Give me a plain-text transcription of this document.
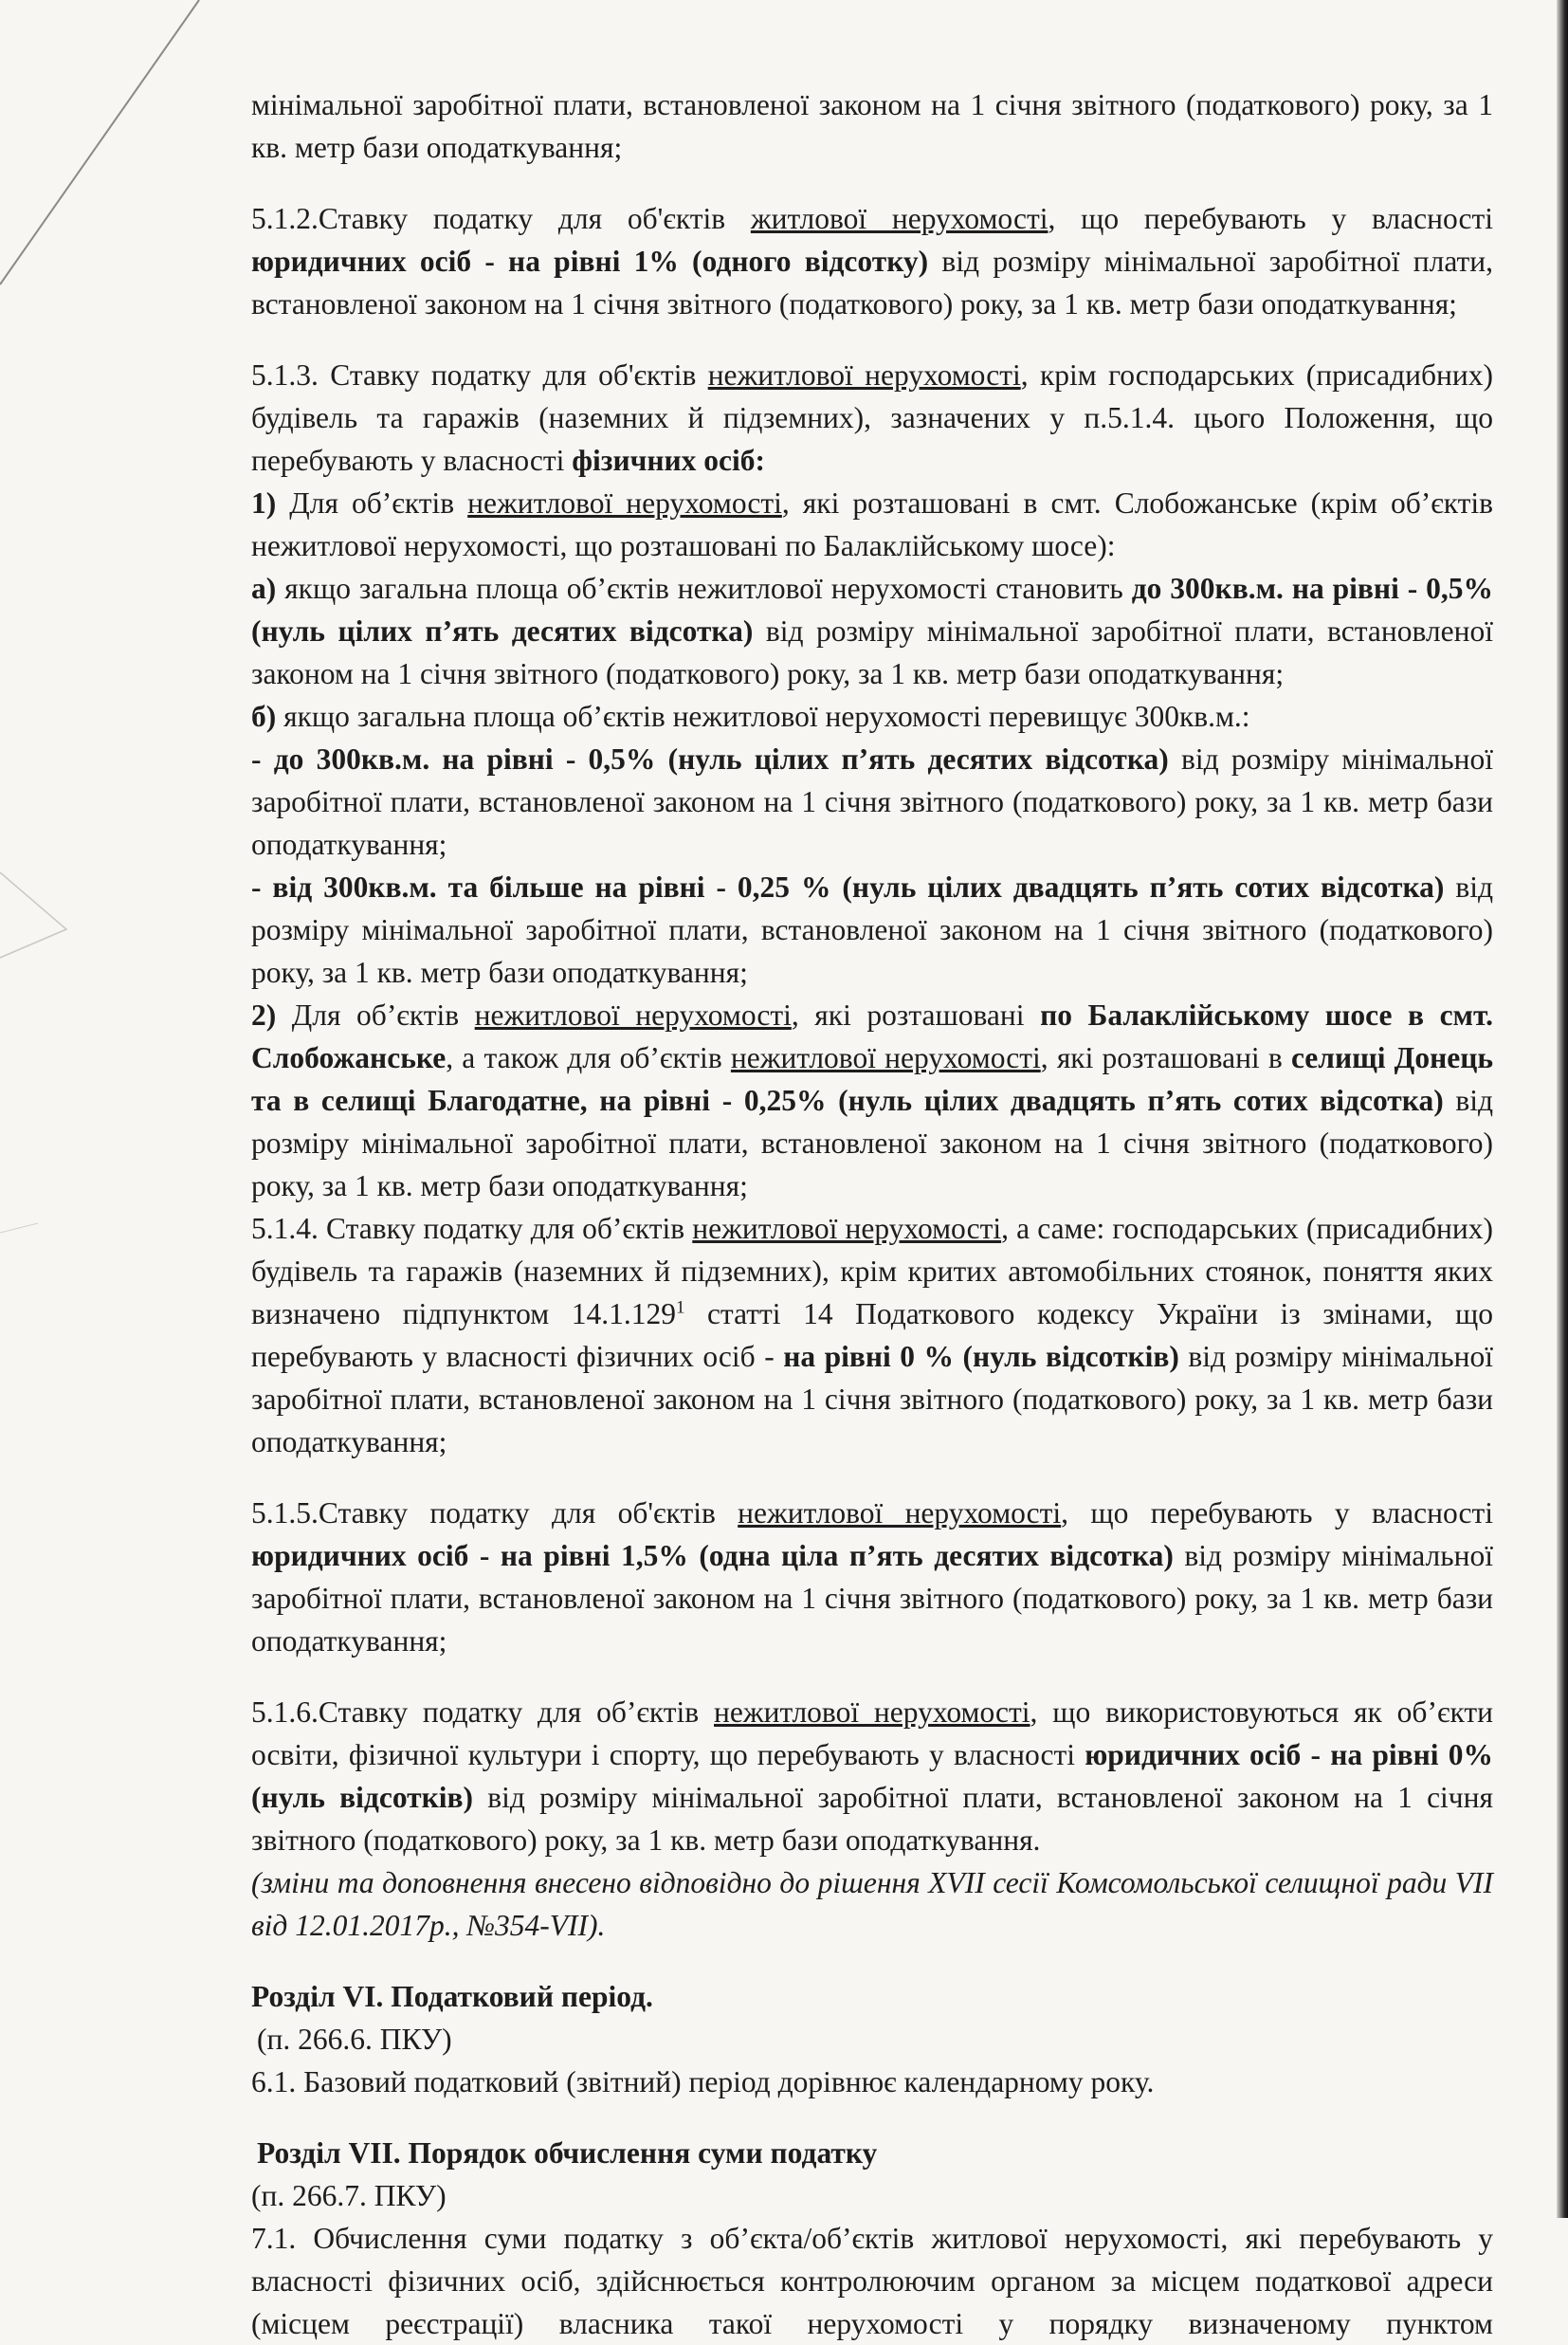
мінімальної заробітної плати, встановленої законом на 1 січня звітного (податкового) року, за 1 кв. метр бази оподаткування;

5.1.2.Ставку податку для об'єктів житлової нерухомості, що перебувають у власності юридичних осіб - на рівні 1% (одного відсотку) від розміру мінімальної заробітної плати, встановленої законом на 1 січня звітного (податкового) року, за 1 кв. метр бази оподаткування;

5.1.3. Ставку податку для об'єктів нежитлової нерухомості, крім господарських (присадибних) будівель та гаражів (наземних й підземних), зазначених у п.5.1.4. цього Положення, що перебувають у власності фізичних осіб:

1) Для об’єктів нежитлової нерухомості, які розташовані в смт. Слобожанське (крім об’єктів нежитлової нерухомості, що розташовані по Балаклійському шосе):

а) якщо загальна площа об’єктів нежитлової нерухомості становить до 300кв.м. на рівні - 0,5% (нуль цілих п’ять десятих відсотка) від розміру мінімальної заробітної плати, встановленої законом на 1 січня звітного (податкового) року, за 1 кв. метр бази оподаткування;

б) якщо загальна площа об’єктів нежитлової нерухомості перевищує 300кв.м.:

- до 300кв.м. на рівні - 0,5% (нуль цілих п’ять десятих відсотка) від розміру мінімальної заробітної плати, встановленої законом на 1 січня звітного (податкового) року, за 1 кв. метр бази оподаткування;

- від 300кв.м. та більше на рівні - 0,25 % (нуль цілих двадцять п’ять сотих відсотка) від розміру мінімальної заробітної плати, встановленої законом на 1 січня звітного (податкового) року, за 1 кв. метр бази оподаткування;

2) Для об’єктів нежитлової нерухомості, які розташовані по Балаклійському шосе в смт. Слобожанське, а також для об’єктів нежитлової нерухомості, які розташовані в селищі Донець та в селищі Благодатне, на рівні - 0,25% (нуль цілих двадцять п’ять сотих відсотка) від розміру мінімальної заробітної плати, встановленої законом на 1 січня звітного (податкового) року, за 1 кв. метр бази оподаткування;

5.1.4. Ставку податку для об’єктів нежитлової нерухомості, а саме: господарських (присадибних) будівель та гаражів (наземних й підземних), крім критих автомобільних стоянок, поняття яких визначено підпунктом 14.1.129$^1$ статті 14 Податкового кодексу України із змінами, що перебувають у власності фізичних осіб - на рівні 0 % (нуль відсотків) від розміру мінімальної заробітної плати, встановленої законом на 1 січня звітного (податкового) року, за 1 кв. метр бази оподаткування;

5.1.5.Ставку податку для об'єктів нежитлової нерухомості, що перебувають у власності юридичних осіб - на рівні 1,5% (одна ціла п’ять десятих відсотка) від розміру мінімальної заробітної плати, встановленої законом на 1 січня звітного (податкового) року, за 1 кв. метр бази оподаткування;

5.1.6.Ставку податку для об’єктів нежитлової нерухомості, що використовуються як об’єкти освіти, фізичної культури і спорту, що перебувають у власності юридичних осіб - на рівні 0% (нуль відсотків) від розміру мінімальної заробітної плати, встановленої законом на 1 січня звітного (податкового) року, за 1 кв. метр бази оподаткування.

(зміни та доповнення внесено відповідно до рішення XVII сесії Комсомольської селищної ради VII від 12.01.2017р., №354-VII).

Розділ VI. Податковий період.

(п. 266.6. ПКУ)

6.1. Базовий податковий (звітний) період дорівнює календарному року.

Розділ VII. Порядок обчислення суми податку

(п. 266.7. ПКУ)

7.1. Обчислення суми податку з об’єкта/об’єктів житлової нерухомості, які перебувають у власності фізичних осіб, здійснюється контролюючим органом за місцем податкової адреси (місцем реєстрації) власника такої нерухомості у порядку визначеному пунктом
